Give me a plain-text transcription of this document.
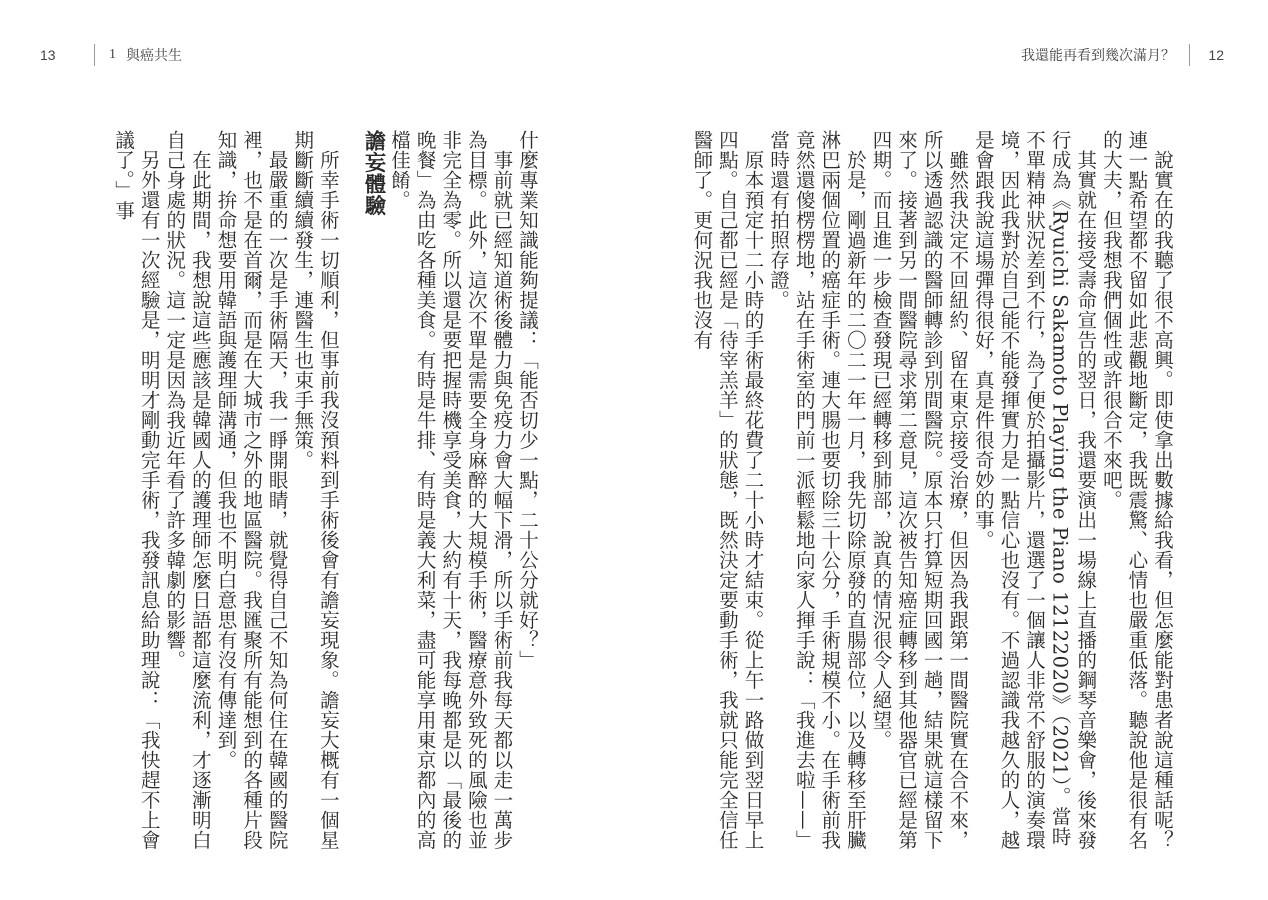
13	1 與癌共生	我還能再看到幾次滿月？	12

說實在的我聽了很不高興。即使拿出數據給我看，但怎麼能對患者說這種話呢？連一點希望都不留如此悲觀地斷定，我既震驚、心情也嚴重低落。聽說他是很有名的大夫，但我想我們個性或許很合不來吧。

其實就在接受壽命宣告的翌日，我還要演出一場線上直播的鋼琴音樂會，後來發行成為《Ryuichi Sakamoto Playing the Piano 12122020》（2021）。當時不單精神狀況差到不行，為了便於拍攝影片，還選了一個讓人非常不舒服的演奏環境，因此我對於自己能不能發揮實力是一點信心也沒有。不過認識我越久的人，越是會跟我說這場彈得很好，真是件很奇妙的事。

雖然我決定不回紐約、留在東京接受治療，但因為我跟第一間醫院實在合不來，所以透過認識的醫師轉診到別間醫院。原本只打算短期回國一趟，結果就這樣留下來了。接著到另一間醫院尋求第二意見，這次被告知癌症轉移到其他器官已經是第四期。而且進一步檢查發現已經轉移到肺部，說真的情況很令人絕望。

於是，剛過新年的二〇二一年一月，我先切除原發的直腸部位，以及轉移至肝臟淋巴兩個位置的癌症手術。連大腸也要切除三十公分，手術規模不小。在手術前我竟然還傻楞楞地，站在手術室的門前一派輕鬆地向家人揮手說：「我進去啦——」當時還有拍照存證。

原本預定十二小時的手術最終花費了二十小時才結束。從上午一路做到翌日早上四點。自己都已經是「待宰羔羊」的狀態，既然決定要動手術，我就只能完全信任醫師了。更何況我也沒有

什麼專業知識能夠提議：「能否切少一點，二十公分就好？」

事前就已經知道術後體力與免疫力會大幅下滑，所以手術前我每天都以走一萬步為目標。此外，這次不單是需要全身麻醉的大規模手術，醫療意外致死的風險也並非完全為零。所以還是要把握時機享受美食，大約有十天，我每晚都是以「最後的晚餐」為由吃各種美食。有時是牛排、有時是義大利菜，盡可能享用東京都內的高檔佳餚。

譫妄體驗

所幸手術一切順利，但事前我沒預料到手術後會有譫妄現象。譫妄大概有一個星期斷斷續續發生，連醫生也束手無策。

最嚴重的一次是手術隔天，我一睜開眼睛，就覺得自己不知為何住在韓國的醫院裡，也不是在首爾，而是在大城市之外的地區醫院。我匯聚所有能想到的各種片段知識，拚命想要用韓語與護理師溝通，但我也不明白意思有沒有傳達到。

在此期間，我想說這些應該是韓國人的護理師怎麼日語都這麼流利，才逐漸明白自己身處的狀況。這一定是因為我近年看了許多韓劇的影響。

另外還有一次經驗是，明明才剛動完手術，我發訊息給助理說：「我快趕不上會議了。」事
